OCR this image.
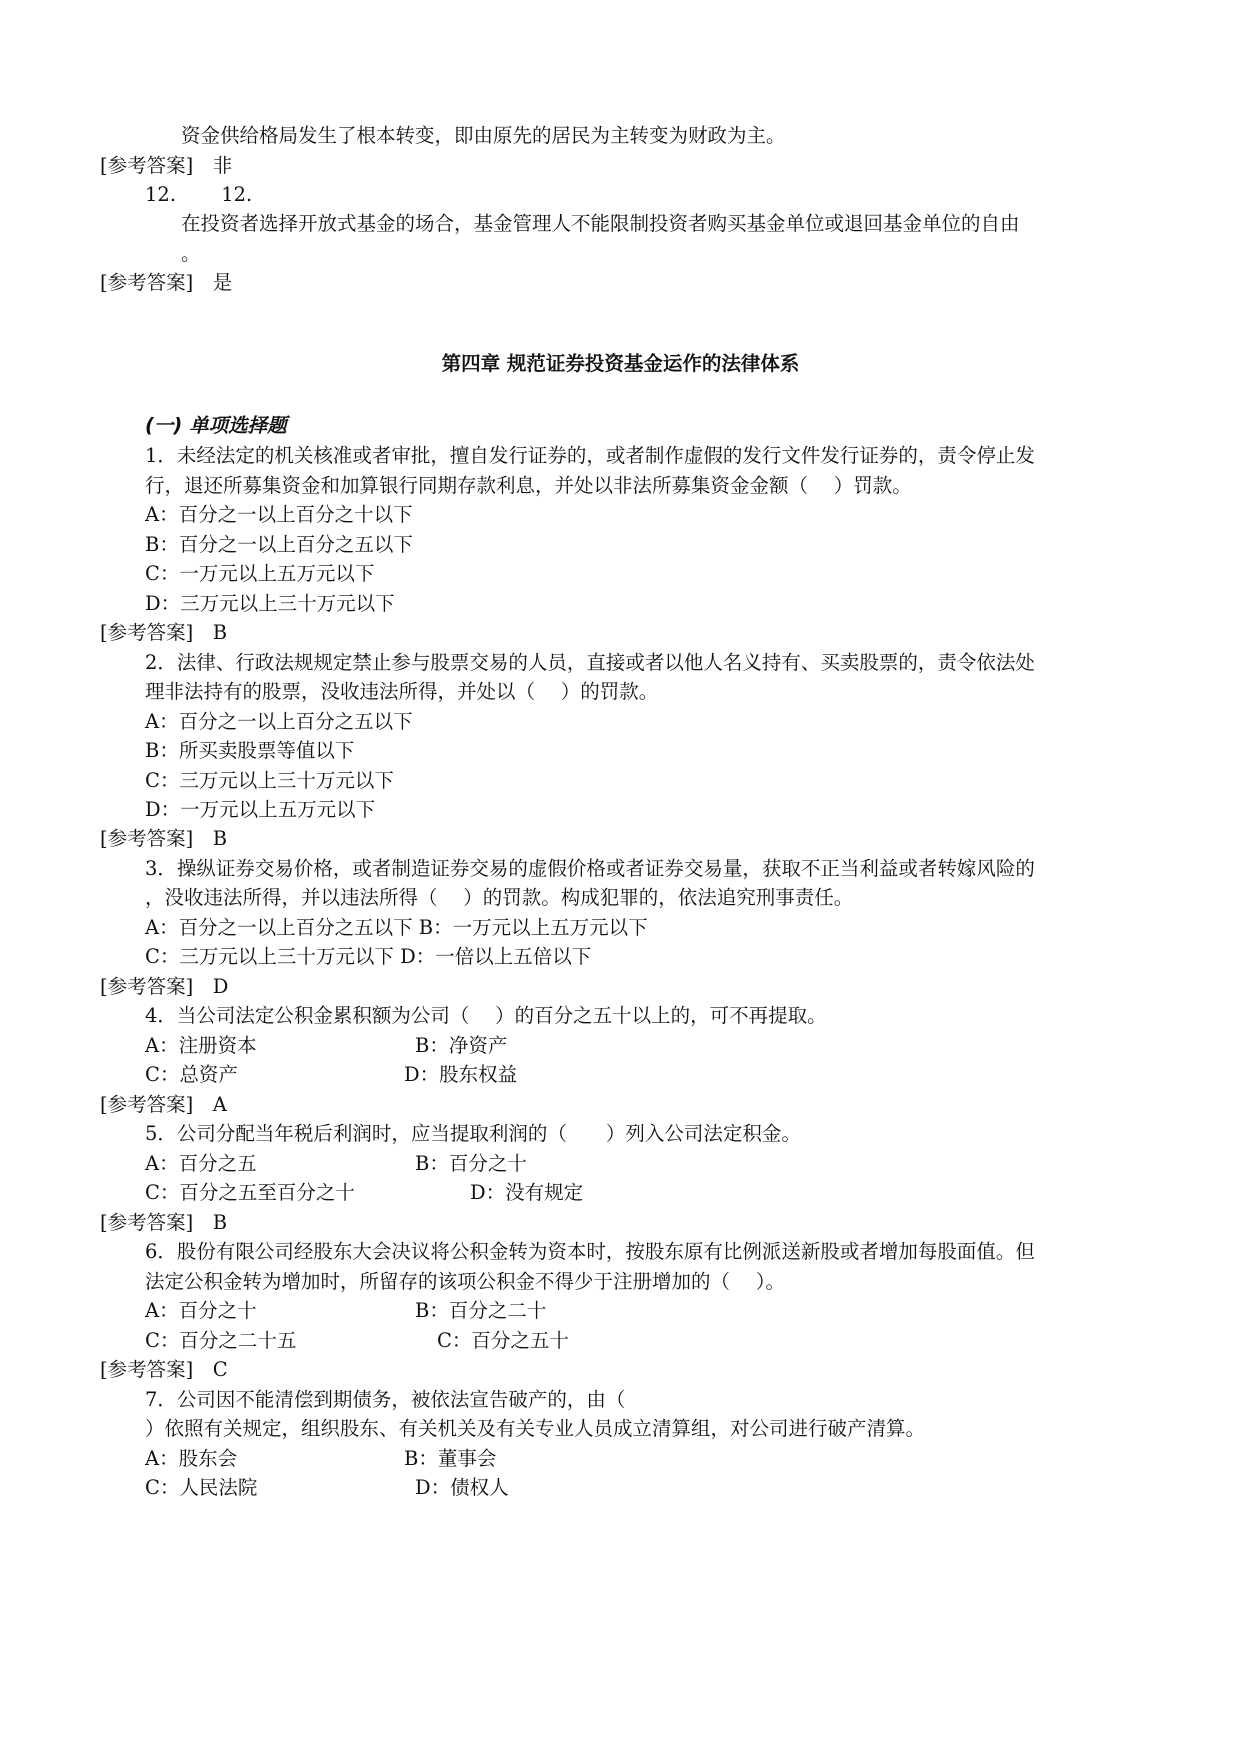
资金供给格局发生了根本转变，即由原先的居民为主转变为财政为主。
[参考答案]　非
12.　　 12.
在投资者选择开放式基金的场合，基金管理人不能限制投资者购买基金单位或退回基金单位的自由
。
[参考答案]　是
第四章 规范证券投资基金运作的法律体系
(一) 单项选择题
1．未经法定的机关核准或者审批，擅自发行证券的，或者制作虚假的发行文件发行证券的，责令停止发
行，退还所募集资金和加算银行同期存款利息，并处以非法所募集资金金额（　 ）罚款。
A：百分之一以上百分之十以下
B：百分之一以上百分之五以下
C：一万元以上五万元以下
D：三万元以上三十万元以下
[参考答案]　B
2．法律、行政法规规定禁止参与股票交易的人员，直接或者以他人名义持有、买卖股票的，责令依法处
理非法持有的股票，没收违法所得，并处以（　 ）的罚款。
A：百分之一以上百分之五以下
B：所买卖股票等值以下
C：三万元以上三十万元以下
D：一万元以上五万元以下
[参考答案]　B
3．操纵证券交易价格，或者制造证券交易的虚假价格或者证券交易量，获取不正当利益或者转嫁风险的
，没收违法所得，并以违法所得（　 ）的罚款。构成犯罪的，依法追究刑事责任。
A：百分之一以上百分之五以下 B：一万元以上五万元以下
C：三万元以上三十万元以下 D：一倍以上五倍以下
[参考答案]　D
4．当公司法定公积金累积额为公司（　 ）的百分之五十以上的，可不再提取。
A：注册资本	B：净资产
C：总资产	D：股东权益
[参考答案]　A
5．公司分配当年税后利润时，应当提取利润的（　　）列入公司法定积金。
A：百分之五	B：百分之十
C：百分之五至百分之十	D：没有规定
[参考答案]　B
6．股份有限公司经股东大会决议将公积金转为资本时，按股东原有比例派送新股或者增加每股面值。但
法定公积金转为增加时，所留存的该项公积金不得少于注册增加的（　 ）。
A：百分之十	B：百分之二十
C：百分之二十五	C：百分之五十
[参考答案]　C
7．公司因不能清偿到期债务，被依法宣告破产的，由（
）依照有关规定，组织股东、有关机关及有关专业人员成立清算组，对公司进行破产清算。
A：股东会	B：董事会
C：人民法院	D：债权人
